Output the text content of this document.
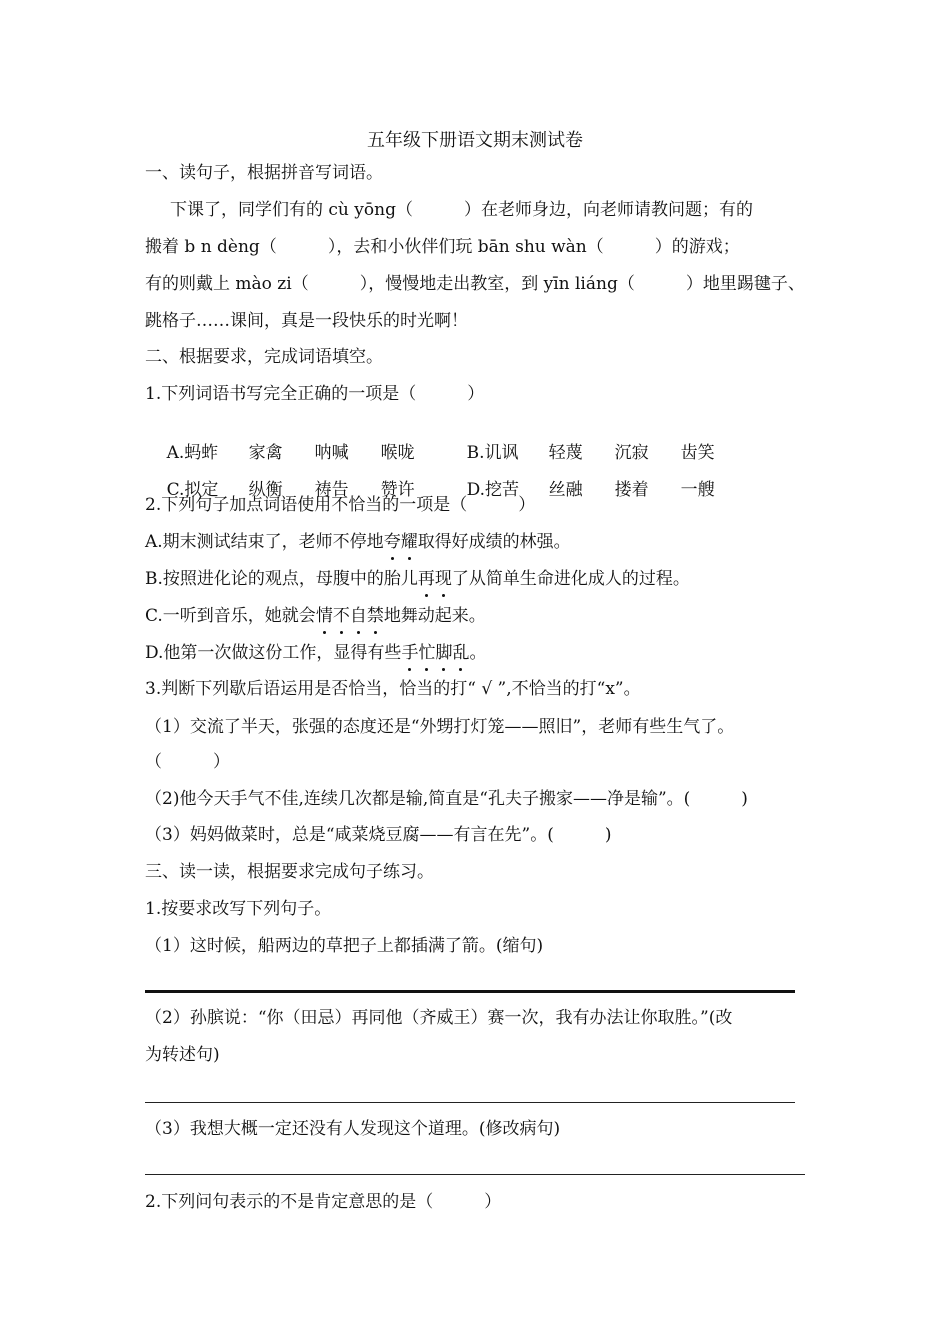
五年级下册语文期末测试卷
一、读句子，根据拼音写词语。
下课了，同学们有的 cù yōng（　　　）在老师身边，向老师请教问题；有的
搬着 b n dèng（　　　），去和小伙伴们玩 bān shu wàn（　　　）的游戏；
有的则戴上 mào zi（　　　），慢慢地走出教室，到 yīn liáng（　　　）地里踢毽子、
跳格子……课间，真是一段快乐的时光啊！
二、根据要求，完成词语填空。
1.下列词语书写完全正确的一项是（　　　）

A.蚂蚱 家禽 呐喊 喉咙	B.讥讽 轻蔑 沉寂 齿笑

C.拟定 纵衡 祷告 赞许	D.挖苦 丝融 搂着 一艘

2.下列句子加点词语使用不恰当的一项是（　　　）
A.期末测试结束了，老师不停地夸耀取得好成绩的林强。
B.按照进化论的观点，母腹中的胎儿再现了从简单生命进化成人的过程。
C.一听到音乐，她就会情不自禁地舞动起来。
D.他第一次做这份工作，显得有些手忙脚乱。
3.判断下列歇后语运用是否恰当，恰当的打“ √ ”,不恰当的打“x”。
（1）交流了半天，张强的态度还是“外甥打灯笼——照旧”，老师有些生气了。
（　　　）
（2)他今天手气不佳,连续几次都是输,简直是“孔夫子搬家——净是输”。(　　　)
（3）妈妈做菜时，总是“咸菜烧豆腐——有言在先”。(　　　)
三、读一读，根据要求完成句子练习。
1.按要求改写下列句子。
（1）这时候，船两边的草把子上都插满了箭。(缩句)
（2）孙膑说：“你（田忌）再同他（齐威王）赛一次，我有办法让你取胜。”(改
为转述句)
（3）我想大概一定还没有人发现这个道理。(修改病句)
2.下列问句表示的不是肯定意思的是（　　　）
